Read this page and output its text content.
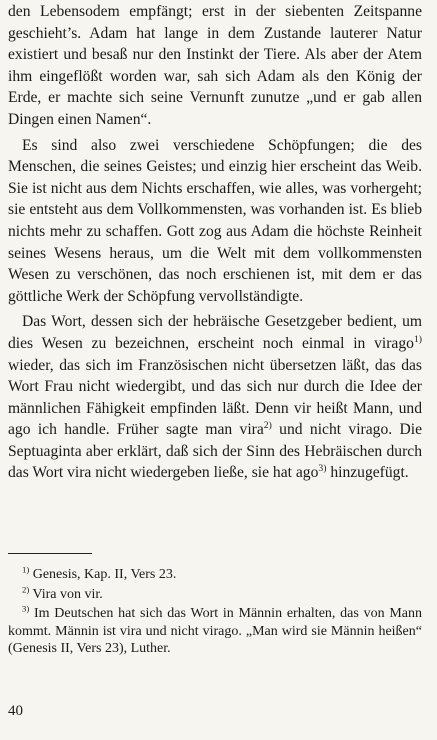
den Lebensodem empfängt; erst in der siebenten Zeitspanne geschieht’s. Adam hat lange in dem Zustande lauterer Natur existiert und besaß nur den Instinkt der Tiere. Als aber der Atem ihm eingeflößt worden war, sah sich Adam als den König der Erde, er machte sich seine Vernunft zunutze „und er gab allen Dingen einen Namen“.

Es sind also zwei verschiedene Schöpfungen; die des Menschen, die seines Geistes; und einzig hier erscheint das Weib. Sie ist nicht aus dem Nichts erschaffen, wie alles, was vorhergeht; sie entsteht aus dem Vollkommensten, was vorhanden ist. Es blieb nichts mehr zu schaffen. Gott zog aus Adam die höchste Reinheit seines Wesens heraus, um die Welt mit dem vollkommensten Wesen zu verschönen, das noch erschienen ist, mit dem er das göttliche Werk der Schöpfung vervollständigte.

Das Wort, dessen sich der hebräische Gesetzgeber bedient, um dies Wesen zu bezeichnen, erscheint noch einmal in virago$^{1)}$ wieder, das sich im Französischen nicht übersetzen läßt, das das Wort Frau nicht wiedergibt, und das sich nur durch die Idee der männlichen Fähigkeit empfinden läßt. Denn vir heißt Mann, und ago ich handle. Früher sagte man vira$^{2)}$ und nicht virago. Die Septuaginta aber erklärt, daß sich der Sinn des Hebräischen durch das Wort vira nicht wiedergeben ließe, sie hat ago$^{3)}$ hinzugefügt.

$^{1)}$ Genesis, Kap. II, Vers 23.

$^{2)}$ Vira von vir.

$^{3)}$ Im Deutschen hat sich das Wort in Männin erhalten, das von Mann kommt. Männin ist vira und nicht virago. „Man wird sie Männin heißen“ (Genesis II, Vers 23), Luther.

40
